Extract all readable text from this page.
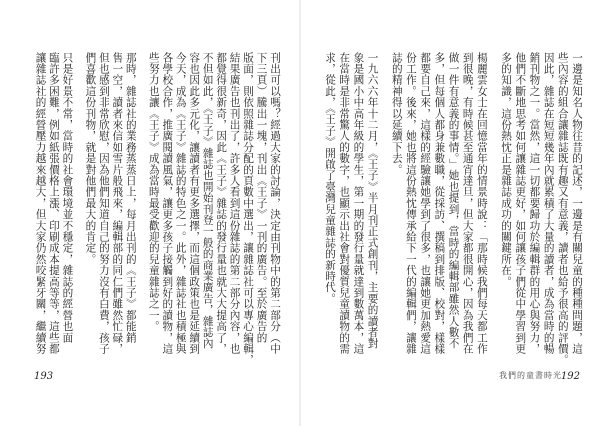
刊出可以嗎？經過大家的討論，決定由刊物中的第二部分（中
下三頁）騰出一塊，刊出《王子》一刊的廣告。至於廣告的
版面，則依照雜誌分配的頁數中選出，讓雜誌社可以專心編輯，
結果廣告也刊出了，許多人看到這份雜誌的第二部分內容，也
都覺得很新奇，因此《王子》雜誌的發行量也就大大提高了，
不但如此，《王子》雜誌也開始刊登一般的商業廣告，雜誌內
容也因此多元化，讓讀者有更多選擇，而這個政策也是延續到
今天，成為《王子》雜誌的特色之一。此外，雜誌社也積極與
各學校合作，推廣閱讀風氣，讓更多孩子接觸到好的讀物，這
些努力也讓《王子》成為當時最受歡迎的兒童雜誌之一。
那時，雜誌社的業務蒸蒸日上，每月出刊的《王子》都能銷
售一空，讀者來信如雪片般飛來，編輯部的同仁們雖然忙碌，
但也感到非常欣慰，因為他們知道自己的努力沒有白費，孩子
們喜歡這份刊物，就是對他們最大的肯定。
只是好景不常，當時的社會環境並不穩定，雜誌的經營也面
臨許多困難，例如紙張價格上漲、印刷成本提高等等，這些都
讓雜誌社的經營壓力越來越大，但大家仍然咬緊牙關，繼續努
193
一邊是知名人物往昔的記述，一邊是有關兒童的種種問題，這
些內容的組合讓雜誌既有趣又有意義，讀者也給予很高的評價。
因此，雜誌在短短幾年內就累積了大量的讀者，成為當時的暢
銷刊物之一。當然，這一切都要歸功於編輯群的用心與努力，
他們不斷地思考如何讓雜誌更好，如何讓孩子們從中學習到更
多的知識，這份熱忱正是雜誌成功的關鍵所在。
楊麗雲女士在回憶當年的情景時說：「那時候我們每天都工作
到很晚，有時候甚至通宵達旦，但大家都很開心，因為我們在
做一件有意義的事情。」她也提到，當時的編輯部雖然人數不
多，但每個人都身兼數職，從採訪、撰稿到排版、校對，樣樣
都要自己來，這樣的經驗讓她學到了很多，也讓她更加熱愛這
份工作。後來，她也將這份熱忱傳承給下一代的編輯們，讓雜
誌的精神得以延續下去。
一九六六年十二月，《王子》半月刊正式創刊，主要的讀者對
象是國小中高年級的學生，第一期的發行量就達到數萬本，這
在當時是非常驚人的數字，也顯示出社會對優質兒童讀物的需
求，從此，《王子》開啟了臺灣兒童雜誌的新時代。
我們的童書時光
192
